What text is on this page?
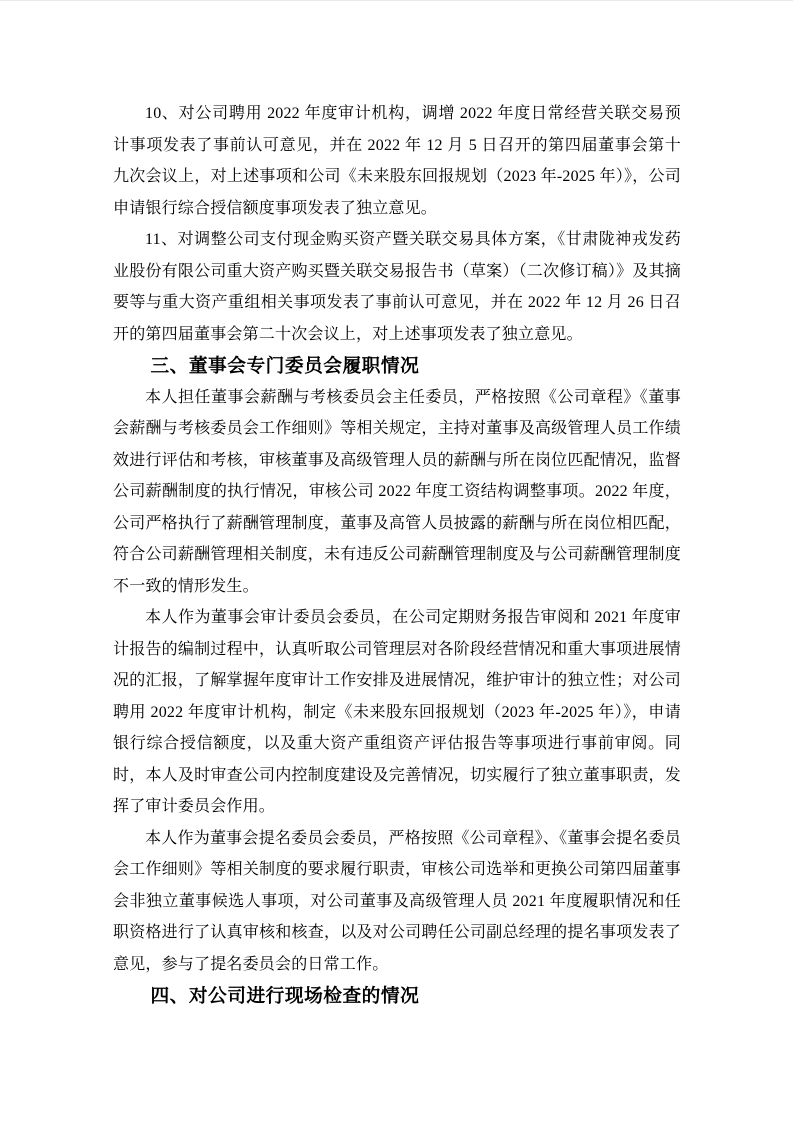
10、对公司聘用 2022 年度审计机构，调增 2022 年度日常经营关联交易预计事项发表了事前认可意见，并在 2022 年 12 月 5 日召开的第四届董事会第十九次会议上，对上述事项和公司《未来股东回报规划（2023 年-2025 年）》，公司申请银行综合授信额度事项发表了独立意见。

11、对调整公司支付现金购买资产暨关联交易具体方案，《甘肃陇神戎发药业股份有限公司重大资产购买暨关联交易报告书（草案）（二次修订稿）》及其摘要等与重大资产重组相关事项发表了事前认可意见，并在 2022 年 12 月 26 日召开的第四届董事会第二十次会议上，对上述事项发表了独立意见。

三、董事会专门委员会履职情况

本人担任董事会薪酬与考核委员会主任委员，严格按照《公司章程》《董事会薪酬与考核委员会工作细则》等相关规定，主持对董事及高级管理人员工作绩效进行评估和考核，审核董事及高级管理人员的薪酬与所在岗位匹配情况，监督公司薪酬制度的执行情况，审核公司 2022 年度工资结构调整事项。2022 年度，公司严格执行了薪酬管理制度，董事及高管人员披露的薪酬与所在岗位相匹配，符合公司薪酬管理相关制度，未有违反公司薪酬管理制度及与公司薪酬管理制度不一致的情形发生。

本人作为董事会审计委员会委员，在公司定期财务报告审阅和 2021 年度审计报告的编制过程中，认真听取公司管理层对各阶段经营情况和重大事项进展情况的汇报，了解掌握年度审计工作安排及进展情况，维护审计的独立性；对公司聘用 2022 年度审计机构，制定《未来股东回报规划（2023 年-2025 年）》，申请银行综合授信额度，以及重大资产重组资产评估报告等事项进行事前审阅。同时，本人及时审查公司内控制度建设及完善情况，切实履行了独立董事职责，发挥了审计委员会作用。

本人作为董事会提名委员会委员，严格按照《公司章程》、《董事会提名委员会工作细则》等相关制度的要求履行职责，审核公司选举和更换公司第四届董事会非独立董事候选人事项，对公司董事及高级管理人员 2021 年度履职情况和任职资格进行了认真审核和核查，以及对公司聘任公司副总经理的提名事项发表了意见，参与了提名委员会的日常工作。

四、对公司进行现场检查的情况
